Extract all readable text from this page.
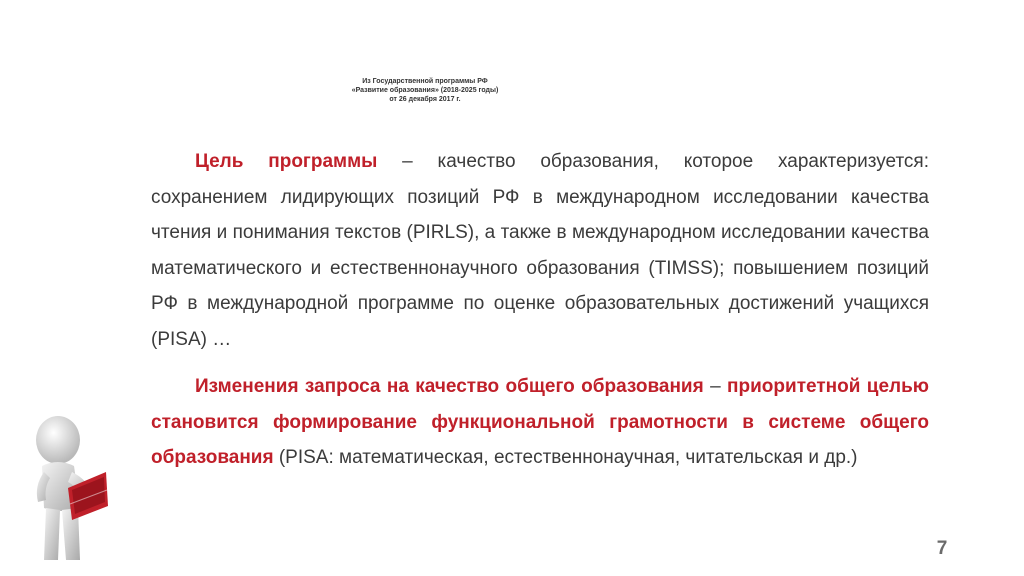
Из Государственной программы РФ
«Развитие образования» (2018-2025 годы)
от 26 декабря 2017 г.

Цель программы – качество образования, которое характеризуется: сохранением лидирующих позиций РФ в международном исследовании качества чтения и понимания текстов (PIRLS), а также в международном исследовании качества математического и естественнонаучного образования (TIMSS); повышением позиций РФ в международной программе по оценке образовательных достижений учащихся (PISA) …

Изменения запроса на качество общего образования – приоритетной целью становится формирование функциональной грамотности в системе общего образования (PISA: математическая, естественнонаучная, читательская и др.)

7
